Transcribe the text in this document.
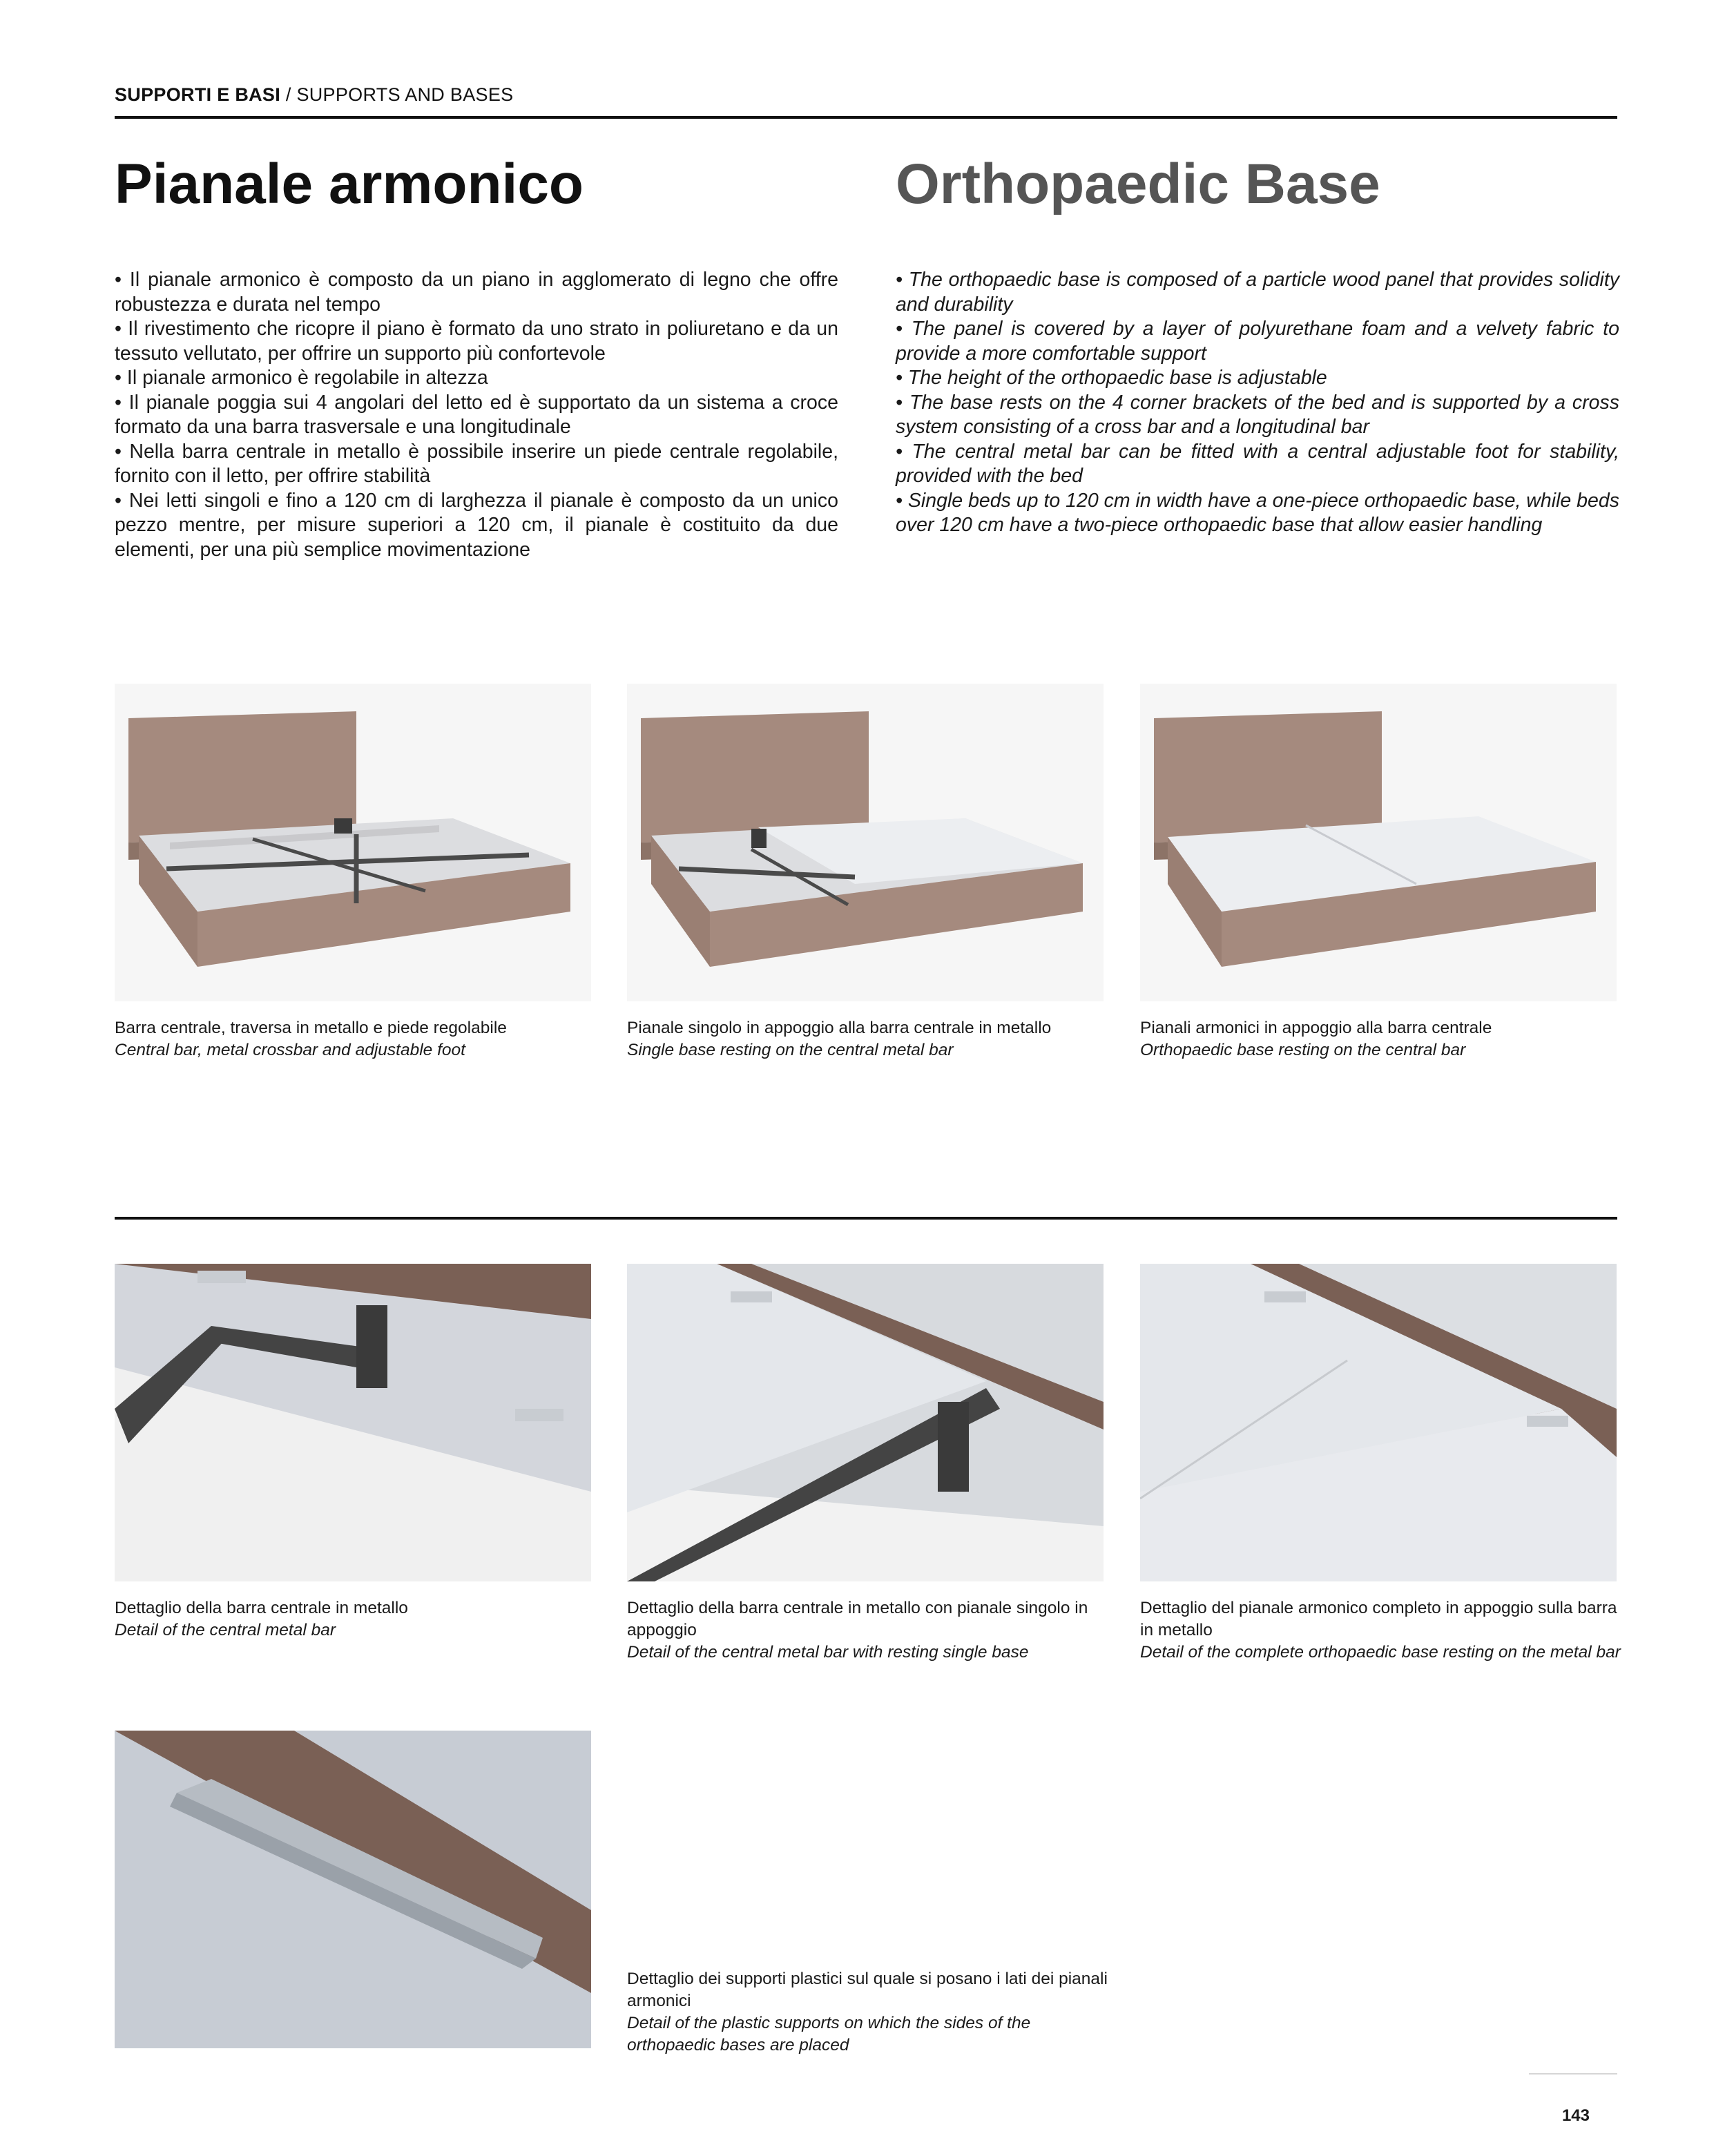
SUPPORTI E BASI / SUPPORTS AND BASES
Pianale armonico	Orthopaedic Base

• Il pianale armonico è composto da un piano in agglomerato di legno che offre robustezza e durata nel tempo

• Il rivestimento che ricopre il piano è formato da uno strato in poliuretano e da un tessuto vellutato, per offrire un supporto più confortevole

• Il pianale armonico è regolabile in altezza

• Il pianale poggia sui 4 angolari del letto ed è supportato da un sistema a croce formato da una barra trasversale e una longitudinale

• Nella barra centrale in metallo è possibile inserire un piede centrale regolabile, fornito con il letto, per offrire stabilità

• Nei letti singoli e fino a 120 cm di larghezza il pianale è composto da un unico pezzo mentre, per misure superiori a 120 cm, il pianale è costituito da due elementi, per una più semplice movimentazione

• The orthopaedic base is composed of a particle wood panel that provides solidity and durability

• The panel is covered by a layer of polyurethane foam and a velvety fabric to provide a more comfortable support

• The height of the orthopaedic base is adjustable

• The base rests on the 4 corner brackets of the bed and is supported by a cross system consisting of a cross bar and a longitudinal bar

• The central metal bar can be fitted with a central adjustable foot for stability, provided with the bed

• Single beds up to 120 cm in width have a one-piece orthopaedic base, while beds over 120 cm have a two-piece orthopaedic base that allow easier handling

Barra centrale, traversa in metallo e piede regolabile

Central bar, metal crossbar and adjustable foot

Pianale singolo in appoggio alla barra centrale in metallo

Single base resting on the central metal bar

Pianali armonici in appoggio alla barra centrale

Orthopaedic base resting on the central bar

Dettaglio della barra centrale in metallo

Detail of the central metal bar

Dettaglio della barra centrale in metallo con pianale singolo in appoggio

Detail of the central metal bar with resting single base

Dettaglio del pianale armonico completo in appoggio sulla barra in metallo

Detail of the complete orthopaedic base resting on the metal bar

Dettaglio dei supporti plastici sul quale si posano i lati dei pianali armonici

Detail of the plastic supports on which the sides of the orthopaedic bases are placed

143
